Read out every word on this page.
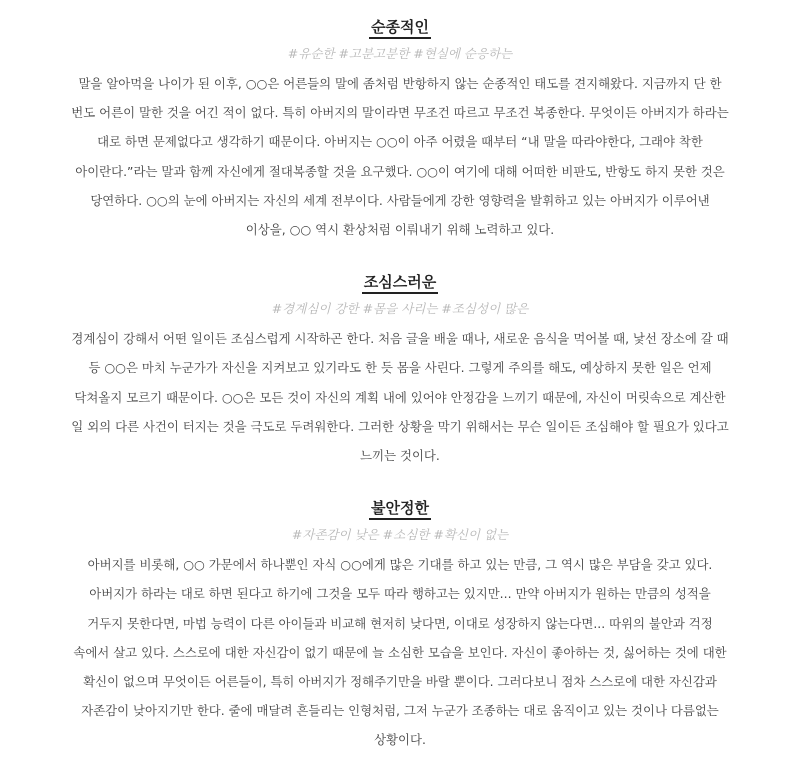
순종적인
#유순한 #고분고분한 #현실에 순응하는
말을 알아먹을 나이가 된 이후, ○○은 어른들의 말에 좀처럼 반항하지 않는 순종적인 태도를 견지해왔다. 지금까지 단 한 번도 어른이 말한 것을 어긴 적이 없다. 특히 아버지의 말이라면 무조건 따르고 무조건 복종한다. 무엇이든 아버지가 하라는 대로 하면 문제없다고 생각하기 때문이다. 아버지는 ○○이 아주 어렸을 때부터 “내 말을 따라야한다, 그래야 착한 아이란다.”라는 말과 함께 자신에게 절대복종할 것을 요구했다. ○○이 여기에 대해 어떠한 비판도, 반항도 하지 못한 것은 당연하다. ○○의 눈에 아버지는 자신의 세계 전부이다. 사람들에게 강한 영향력을 발휘하고 있는 아버지가 이루어낸 이상을, ○○ 역시 환상처럼 이뤄내기 위해 노력하고 있다.
조심스러운
#경계심이 강한 #몸을 사리는 #조심성이 많은
경계심이 강해서 어떤 일이든 조심스럽게 시작하곤 한다. 처음 글을 배울 때나, 새로운 음식을 먹어볼 때, 낯선 장소에 갈 때 등 ○○은 마치 누군가가 자신을 지켜보고 있기라도 한 듯 몸을 사린다. 그렇게 주의를 해도, 예상하지 못한 일은 언제 닥쳐올지 모르기 때문이다. ○○은 모든 것이 자신의 계획 내에 있어야 안정감을 느끼기 때문에, 자신이 머릿속으로 계산한 일 외의 다른 사건이 터지는 것을 극도로 두려워한다. 그러한 상황을 막기 위해서는 무슨 일이든 조심해야 할 필요가 있다고 느끼는 것이다.
불안정한
#자존감이 낮은 #소심한 #확신이 없는
아버지를 비롯해, ○○ 가문에서 하나뿐인 자식 ○○에게 많은 기대를 하고 있는 만큼, 그 역시 많은 부담을 갖고 있다. 아버지가 하라는 대로 하면 된다고 하기에 그것을 모두 따라 행하고는 있지만... 만약 아버지가 원하는 만큼의 성적을 거두지 못한다면, 마법 능력이 다른 아이들과 비교해 현저히 낮다면, 이대로 성장하지 않는다면... 따위의 불안과 걱정 속에서 살고 있다. 스스로에 대한 자신감이 없기 때문에 늘 소심한 모습을 보인다. 자신이 좋아하는 것, 싫어하는 것에 대한 확신이 없으며 무엇이든 어른들이, 특히 아버지가 정해주기만을 바랄 뿐이다. 그러다보니 점차 스스로에 대한 자신감과 자존감이 낮아지기만 한다. 줄에 매달려 흔들리는 인형처럼, 그저 누군가 조종하는 대로 움직이고 있는 것이나 다름없는 상황이다.
